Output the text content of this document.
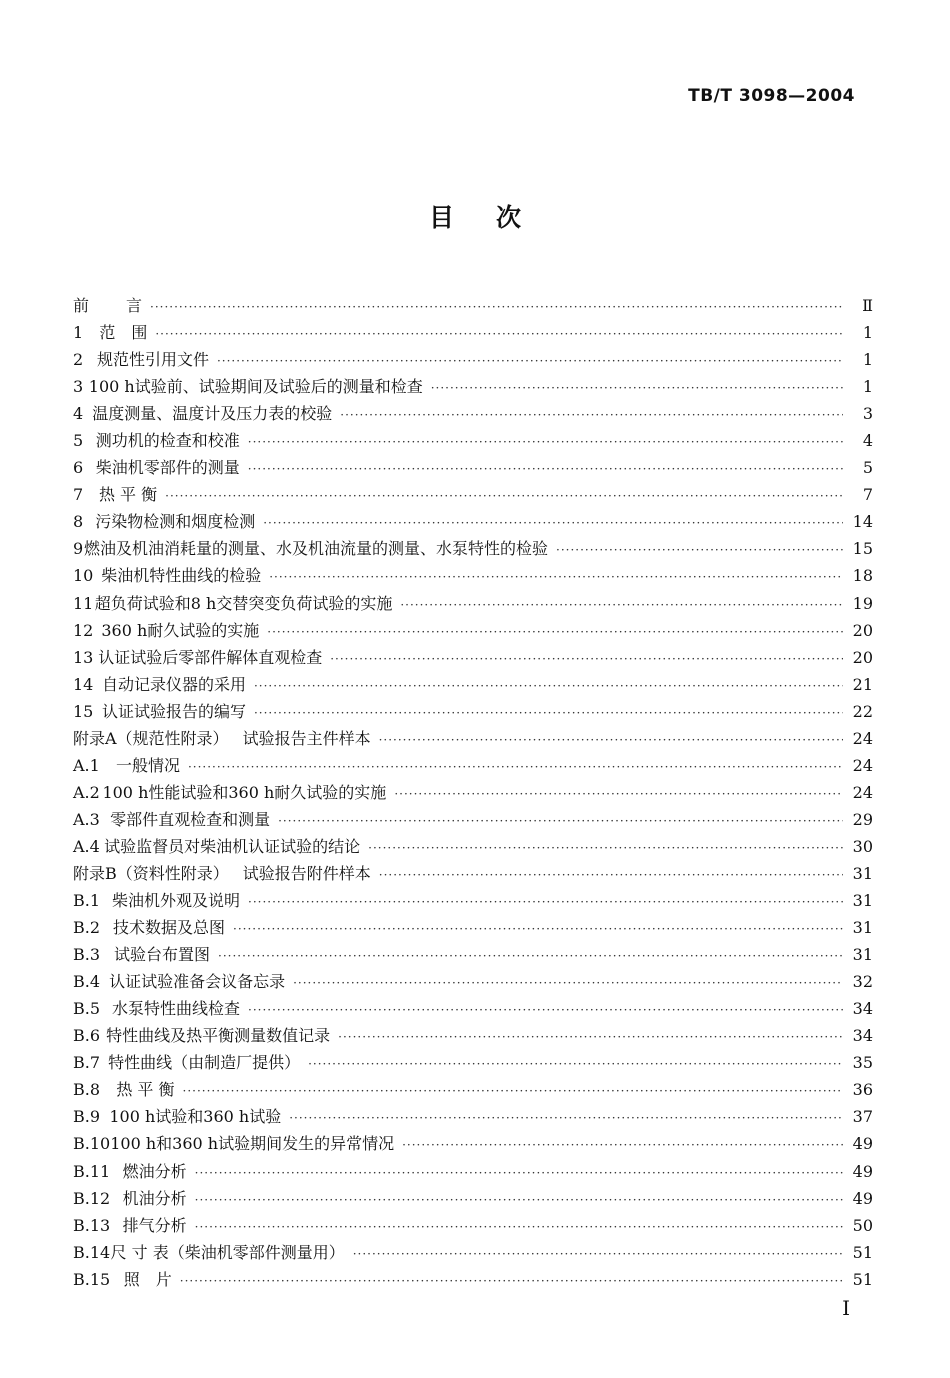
TB/T 3098—2004
目次
前	言 ·····	Ⅱ
1	范　围 ·····	1
2 规范性引用文件 ·····	1
3 100 h试验前、试验期间及试验后的测量和检查 ·····	1
4 温度测量、温度计及压力表的校验 ·····	3
5 测功机的检查和校准 ·····	4
6 柴油机零部件的测量 ·····	5
7 热 平 衡 ·····	7
8 污染物检测和烟度检测 ·····	14
9 燃油及机油消耗量的测量、水及机油流量的测量、水泵特性的检验 ·····	15
10 柴油机特性曲线的检验 ·····	18
11 超负荷试验和8 h交替突变负荷试验的实施 ·····	19
12 360 h耐久试验的实施 ·····	20
13 认证试验后零部件解体直观检查 ·····	20
14 自动记录仪器的采用 ·····	21
15 认证试验报告的编写 ·····	22
附录A（规范性附录） 试验报告主件样本 ·····	24
A.1	一般情况 ·····	24
A.2 100 h性能试验和360 h耐久试验的实施 ·····	24
A.3 零部件直观检查和测量 ·····	29
A.4 试验监督员对柴油机认证试验的结论 ·····	30
附录B（资料性附录） 试验报告附件样本 ·····	31
B.1 柴油机外观及说明 ·····	31
B.2 技术数据及总图 ·····	31
B.3 试验台布置图 ·····	31
B.4 认证试验准备会议备忘录 ·····	32
B.5 水泵特性曲线检查 ·····	34
B.6 特性曲线及热平衡测量数值记录 ·····	34
B.7 特性曲线（由制造厂提供） ·····	35
B.8	热 平 衡 ·····	36
B.9 100 h试验和360 h试验 ·····	37
B.10 100 h和360 h试验期间发生的异常情况 ·····	49
B.11 燃油分析 ·····	49
B.12 机油分析 ·····	49
B.13 排气分析 ·····	50
B.14 尺 寸 表（柴油机零部件测量用） ·····	51
B.15 照　片 ·····	51
Ⅰ
